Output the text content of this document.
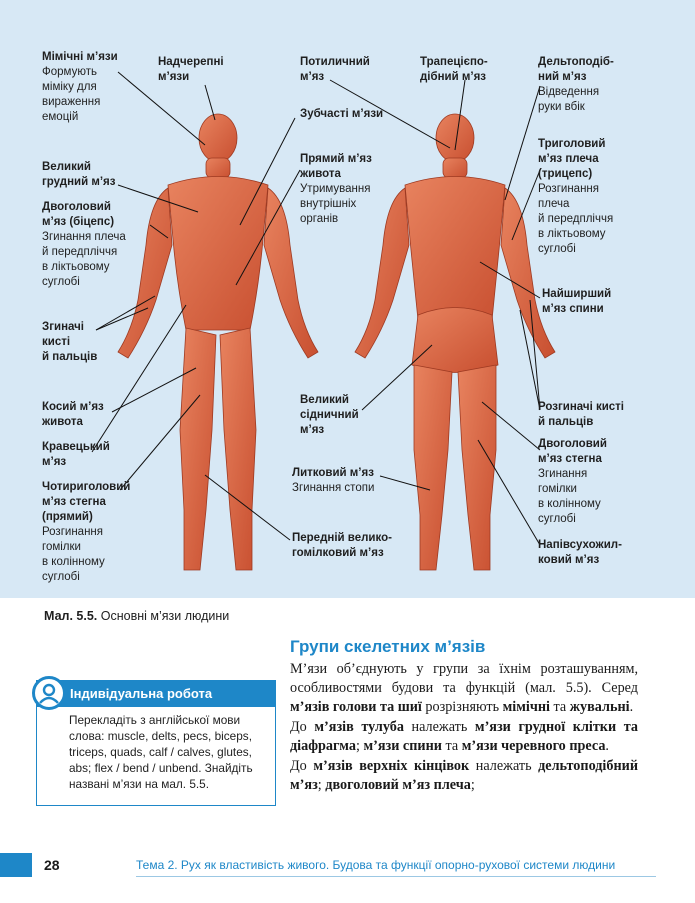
Мімічні м’язи
Формують
міміку для
вираження
емоцій
Великий
грудний м’яз
Двоголовий
м’яз (біцепс)
Згинання плеча
й передпліччя
в ліктьовому
суглобі
Згиначі
кисті
й пальців
Косий м’яз
живота
Кравецький
м’яз
Чотириголовий
м’яз стегна
(прямий)
Розгинання
гомілки
в колінному
суглобі
Надчерепні
м’язи
Потиличний
м’яз
Зубчасті м’язи
Прямий м’яз
живота
Утримування
внутрішніх
органів
Великий
сідничний
м’яз
Литковий м’яз
Згинання стопи
Передній велико-
гомілковий м’яз
Трапецієпо-
дібний м’яз
Дельтоподіб-
ний м’яз
Відведення
руки вбік
Триголовий
м’яз плеча
(трицепс)
Розгинання
плеча
й передпліччя
в ліктьовому
суглобі
Найширший
м’яз спини
Розгиначі кисті
й пальців
Двоголовий
м’яз стегна
Згинання
гомілки
в колінному
суглобі
Напівсухожил-
ковий м’яз
Мал. 5.5. Основні м’язи людини
Групи скелетних м’язів

М’язи об’єднують у групи за їхнім розташуванням, особливостями будови та функцій (мал. 5.5). Серед м’язів голови та шиї розрізняють мімічні та жувальні.

До м’язів тулуба належать м’язи грудної клітки та діафрагма; м’язи спини та м’язи черевного преса.

До м’язів верхніх кінцівок належать дельтоподібний м’яз; двоголовий м’яз плеча;

Індивідуальна робота
Перекладіть з англійської мови слова: muscle, delts, pecs, biceps, triceps, quads, calf / calves, glutes, abs; flex / bend / unbend. Знайдіть названі м’язи на мал. 5.5.
28	Тема 2. Рух як властивість живого. Будова та функції опорно-рухової системи людини
